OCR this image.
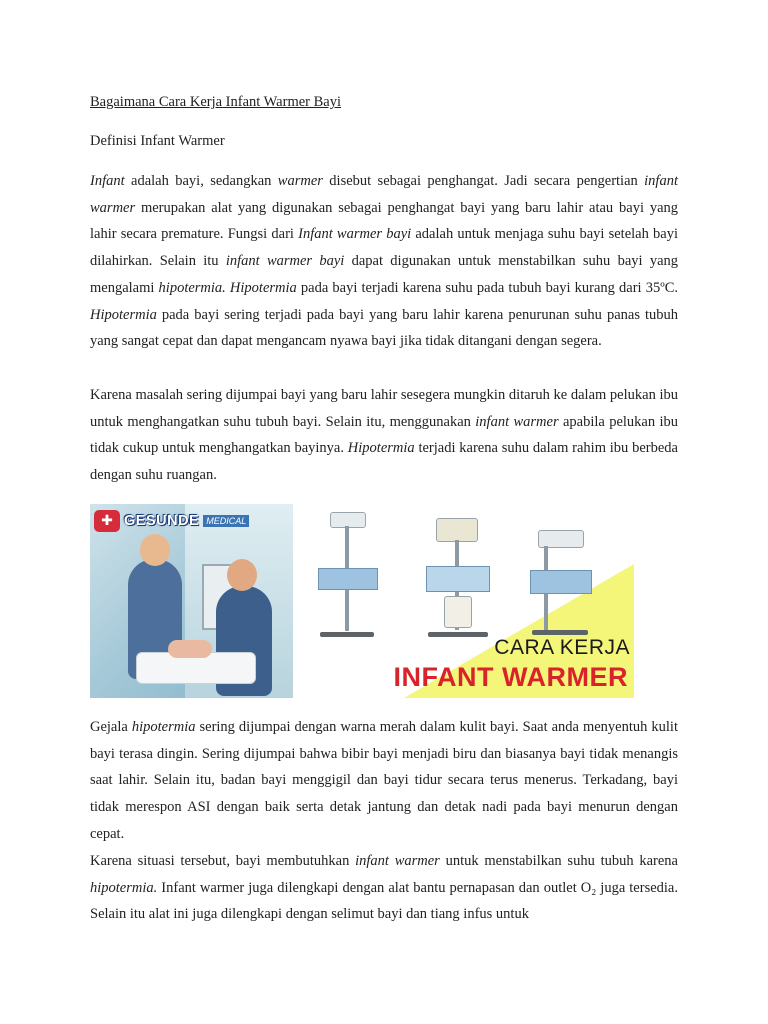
Bagaimana Cara Kerja Infant Warmer Bayi
Definisi Infant Warmer
Infant adalah bayi, sedangkan warmer disebut sebagai penghangat. Jadi secara pengertian infant warmer merupakan alat yang digunakan sebagai penghangat bayi yang baru lahir atau bayi yang lahir secara premature. Fungsi dari Infant warmer bayi adalah untuk menjaga suhu bayi setelah bayi dilahirkan. Selain itu infant warmer bayi dapat digunakan untuk menstabilkan suhu bayi yang mengalami hipotermia. Hipotermia pada bayi terjadi karena suhu pada tubuh bayi kurang dari 35ºC. Hipotermia pada bayi sering terjadi pada bayi yang baru lahir karena penurunan suhu panas tubuh yang sangat cepat dan dapat mengancam nyawa bayi jika tidak ditangani dengan segera.
Karena masalah sering dijumpai bayi yang baru lahir sesegera mungkin ditaruh ke dalam pelukan ibu untuk menghangatkan suhu tubuh bayi. Selain itu, menggunakan infant warmer apabila pelukan ibu tidak cukup untuk menghangatkan bayinya. Hipotermia terjadi karena suhu dalam rahim ibu berbeda dengan suhu ruangan.
Gejala hipotermia sering dijumpai dengan warna merah dalam kulit bayi. Saat anda menyentuh kulit bayi terasa dingin. Sering dijumpai bahwa bibir bayi menjadi biru dan biasanya bayi tidak menangis saat lahir. Selain itu, badan bayi menggigil dan bayi tidur secara terus menerus. Terkadang, bayi tidak merespon ASI dengan baik serta detak jantung dan detak nadi pada bayi menurun dengan cepat.
Karena situasi tersebut, bayi membutuhkan infant warmer untuk menstabilkan suhu tubuh karena hipotermia. Infant warmer juga dilengkapi dengan alat bantu pernapasan dan outlet O₂ juga tersedia. Selain itu alat ini juga dilengkapi dengan selimut bayi dan tiang infus untuk
✚ GESUNDE MEDICAL
CARA KERJA
INFANT WARMER
